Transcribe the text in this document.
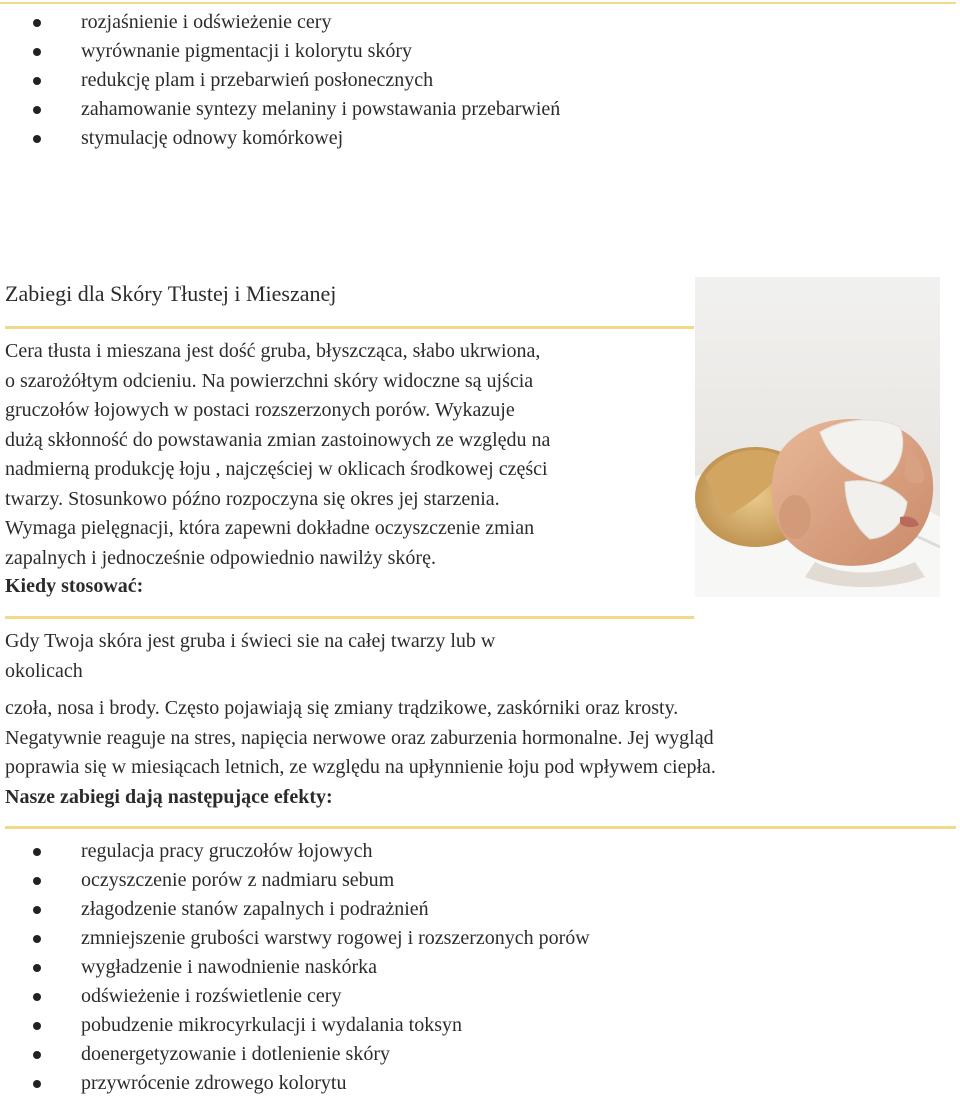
rozjaśnienie i odświeżenie cery
wyrównanie pigmentacji i kolorytu skóry
redukcję plam i przebarwień posłonecznych
zahamowanie syntezy melaniny i powstawania przebarwień
stymulację odnowy komórkowej
Zabiegi dla Skóry Tłustej i Mieszanej
Cera tłusta i mieszana jest dość gruba, błyszcząca, słabo ukrwiona,
o szarożółtym odcieniu. Na powierzchni skóry widoczne są ujścia
gruczołów łojowych w postaci rozszerzonych porów. Wykazuje
dużą skłonność do powstawania zmian zastoinowych ze względu na
nadmierną produkcję łoju , najczęściej w oklicach środkowej części
twarzy. Stosunkowo późno rozpoczyna się okres jej starzenia.
Wymaga pielęgnacji, która zapewni dokładne oczyszczenie zmian
zapalnych i jednocześnie odpowiednio nawilży skórę.
Kiedy stosować:
Gdy Twoja skóra jest gruba i świeci sie na całej twarzy lub w
okolicach
czoła, nosa i brody. Często pojawiają się zmiany trądzikowe, zaskórniki oraz krosty.
Negatywnie reaguje na stres, napięcia nerwowe oraz zaburzenia hormonalne. Jej wygląd
poprawia się w miesiącach letnich, ze względu na upłynnienie łoju pod wpływem ciepła.
Nasze zabiegi dają następujące efekty:
regulacja pracy gruczołów łojowych
oczyszczenie porów z nadmiaru sebum
złagodzenie stanów zapalnych i podrażnień
zmniejszenie grubości warstwy rogowej i rozszerzonych porów
wygładzenie i nawodnienie naskórka
odświeżenie i rozświetlenie cery
pobudzenie mikrocyrkulacji i wydalania toksyn
doenergetyzowanie i dotlenienie skóry
przywrócenie zdrowego kolorytu
